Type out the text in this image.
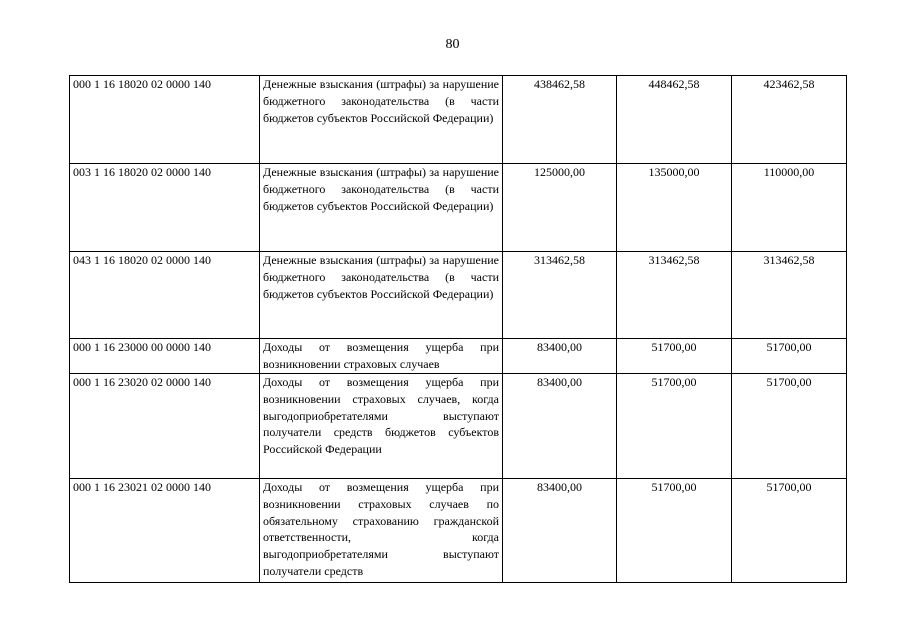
80
000 1 16 18020 02 0000 140	Денежные взыскания (штрафы) за нарушение бюджетного законодательства (в части бюджетов субъектов Российской Федерации)	438462,58	448462,58	423462,58
003 1 16 18020 02 0000 140	Денежные взыскания (штрафы) за нарушение бюджетного законодательства (в части бюджетов субъектов Российской Федерации)	125000,00	135000,00	110000,00
043 1 16 18020 02 0000 140	Денежные взыскания (штрафы) за нарушение бюджетного законодательства (в части бюджетов субъектов Российской Федерации)	313462,58	313462,58	313462,58
000 1 16 23000 00 0000 140	Доходы от возмещения ущерба при возникновении страховых случаев	83400,00	51700,00	51700,00
000 1 16 23020 02 0000 140	Доходы от возмещения ущерба при возникновении страховых случаев, когда выгодоприобретателями выступают получатели средств бюджетов субъектов Российской Федерации	83400,00	51700,00	51700,00
000 1 16 23021 02 0000 140	Доходы от возмещения ущерба при возникновении страховых случаев по обязательному страхованию гражданской ответственности, когда выгодоприобретателями выступают получатели средств	83400,00	51700,00	51700,00
